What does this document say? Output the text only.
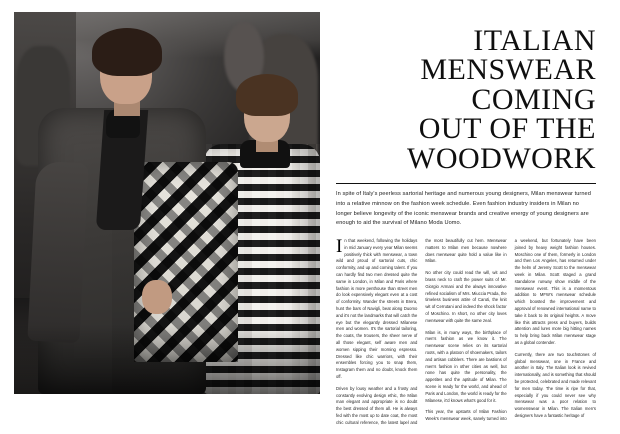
ITALIAN
MENSWEAR
COMING
OUT OF THE
WOODWORK
In spite of Italy's peerless sartorial heritage and numerous young designers, Milan menswear turned into a relative minnow on the fashion week schedule. Even fashion industry insiders in Milan no longer believe longevity of the iconic menswear brands and creative energy of young designers are enough to aid the survival of Milano Moda Uomo.

In that weekend, following the holidays in mid January every year Milan seems positively thick with menswear, a town wild and proud of sartorial cuts, chic conformity, and up and coming talent. If you can hardly find two men dressed quite the same in London, in Milan and Paris where fashion is more penthouse than street men do look expensively elegant even at a cost of conformity. Wander the streets in Brera, hunt the bars of Navigli, beat along Duomo and it's not the landmarks that will catch the eye but the elegantly dressed Milanese men and women. It's the sartorial tailoring, the coats, the trousers, the sheer nerve of all those elegant, self aware men and women sipping their morning espresso. Dressed like chic warriors, with their ensembles forcing you to snap them, Instagram them and no doubt, knock them off.

Driven by lousy weather and a frosty and constantly evolving design ethic, the Milan man elegant and appropriate is no doubt the best dressed of them all. He is always fed with the most up to date coat, the most chic cultural reference, the latest lapel and the most beautifully cut hem. Menswear matters to Milan men because nowhere does menswear quite hold a value like in Milan.

No other city could read the will, wit and brass neck to craft the power suits of Mr. Giorgio Armani and the always innovative refined socialism of Mrs. Miuccia Prada, the timeless business attire of Caruti, the knit wit of Cerrutani and indeed the shock factor of Moschino. In short, no other city loves menswear with quite the same zeal.

Milan is, in many ways, the birthplace of men's fashion as we know it. The menswear scene relies on its sartorial roots, with a platoon of shoemakers, tailors and artisan cobblers. There are bastions of men's fashion in other cities as well, but none has quite the personality, the appetites and the aptitude of Milan. The scene is ready for the world, and ahead of Paris and London, the world is ready for the Milanese, it'd knows what's good for it.

This year, the upstarts of Milan Fashion Week's menswear week, sanely turned into a weekend, but fortunately have been joined by heavy weight fashion houses. Moschino one of them, formerly in London and then Los Angeles, has returned under the helm of Jeremy Scott to the menswear week in Milan. Scott staged a grand standalone runway show middle of the menswear event. This is a momentous addition to MFW's menswear schedule which boosted the improvement and approval of renowned international name to take it back to its original heights. A move like this attracts press and buyers, builds attention and lures more big hitting names to help bring back Milan menswear stage as a global contender.

Currently, there are two touchstones of global menswear, one in France and another in Italy. The Italian look is revived internationally, and is something that should be protected, celebrated and made relevant for men today. The time is ripe for that, especially if you could never see why menswear was a poor relation to womenswear in Milan. The Italian men's designers have a fantastic heritage of
